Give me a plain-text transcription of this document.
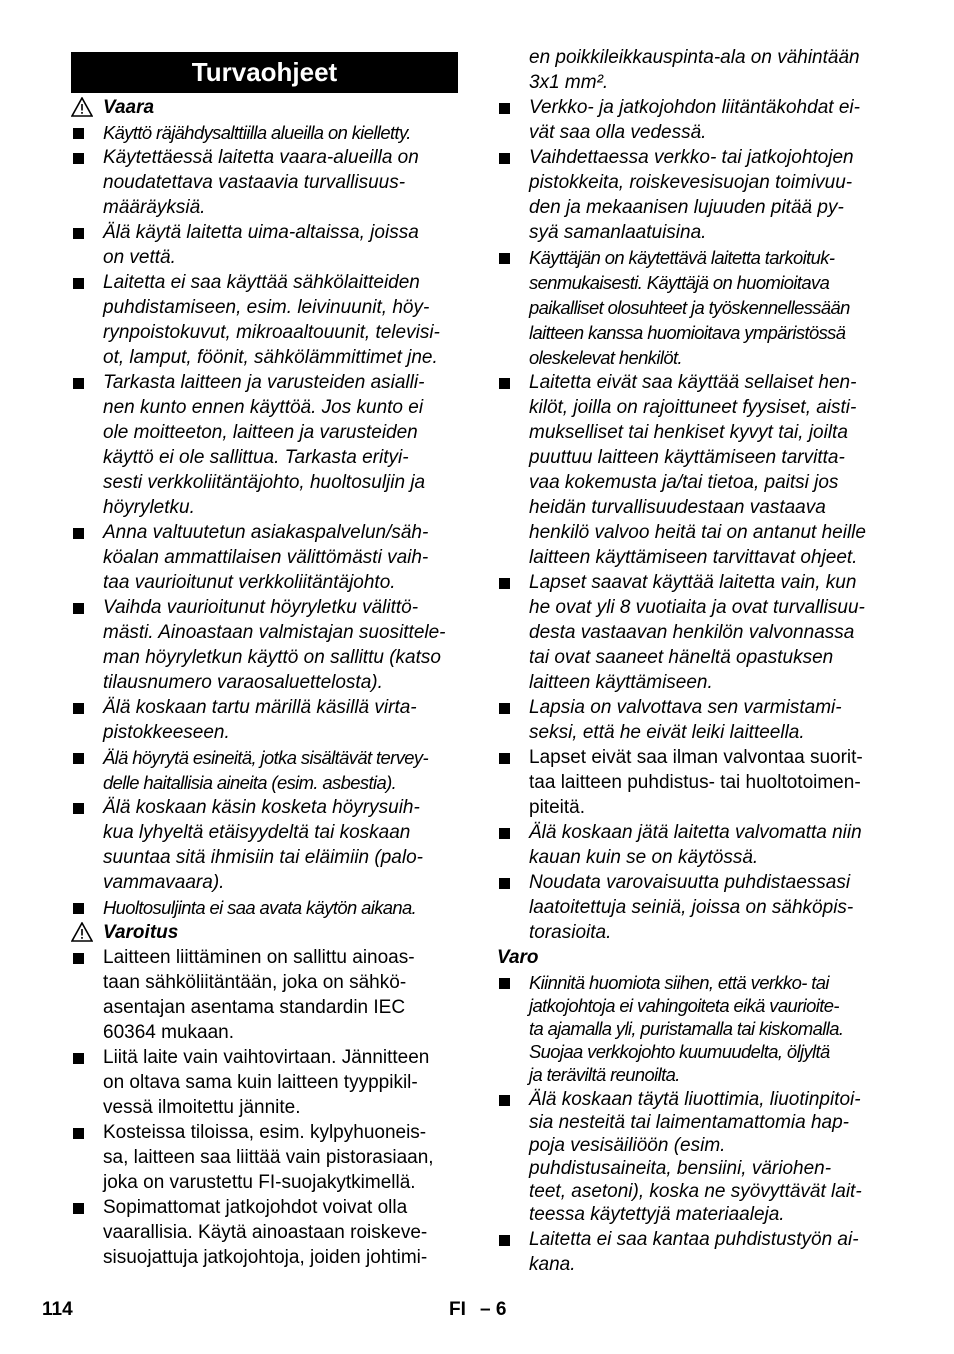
Turvaohjeet
Vaara
Käyttö räjähdysalttiilla alueilla on kielletty.
Käytettäessä laitetta vaara-alueilla on
noudatettava vastaavia turvallisuus-
määräyksiä.
Älä käytä laitetta uima-altaissa, joissa
on vettä.
Laitetta ei saa käyttää sähkölaitteiden
puhdistamiseen, esim. leivinuunit, höy-
rynpoistokuvut, mikroaaltouunit, televisi-
ot, lamput, föönit, sähkölämmittimet jne.
Tarkasta laitteen ja varusteiden asialli-
nen kunto ennen käyttöä. Jos kunto ei
ole moitteeton, laitteen ja varusteiden
käyttö ei ole sallittua. Tarkasta erityi-
sesti verkkoliitäntäjohto, huoltosuljin ja
höyryletku.
Anna valtuutetun asiakaspalvelun/säh-
köalan ammattilaisen välittömästi vaih-
taa vaurioitunut verkkoliitäntäjohto.
Vaihda vaurioitunut höyryletku välittö-
mästi. Ainoastaan valmistajan suosittele-
man höyryletkun käyttö on sallittu (katso
tilausnumero varaosaluettelosta).
Älä koskaan tartu märillä käsillä virta-
pistokkeeseen.
Älä höyrytä esineitä, jotka sisältävät tervey-
delle haitallisia aineita (esim. asbestia).
Älä koskaan käsin kosketa höyrysuih-
kua lyhyeltä etäisyydeltä tai koskaan
suuntaa sitä ihmisiin tai eläimiin (palo-
vammavaara).
Huoltosuljinta ei saa avata käytön aikana.
Varoitus
Laitteen liittäminen on sallittu ainoas-
taan sähköliitäntään, joka on sähkö-
asentajan asentama standardin IEC
60364 mukaan.
Liitä laite vain vaihtovirtaan. Jännitteen
on oltava sama kuin laitteen tyyppikil-
vessä ilmoitettu jännite.
Kosteissa tiloissa, esim. kylpyhuoneis-
sa, laitteen saa liittää vain pistorasiaan,
joka on varustettu FI-suojakytkimellä.
Sopimattomat jatkojohdot voivat olla
vaarallisia. Käytä ainoastaan roiskeve-
sisuojattuja jatkojohtoja, joiden johtimi-
en poikkileikkauspinta-ala on vähintään
3x1 mm².
Verkko- ja jatkojohdon liitäntäkohdat ei-
vät saa olla vedessä.
Vaihdettaessa verkko- tai jatkojohtojen
pistokkeita, roiskevesisuojan toimivuu-
den ja mekaanisen lujuuden pitää py-
syä samanlaatuisina.
Käyttäjän on käytettävä laitetta tarkoituk-
senmukaisesti. Käyttäjä on huomioitava
paikalliset olosuhteet ja työskennellessään
laitteen kanssa huomioitava ympäristössä
oleskelevat henkilöt.
Laitetta eivät saa käyttää sellaiset hen-
kilöt, joilla on rajoittuneet fyysiset, aisti-
mukselliset tai henkiset kyvyt tai, joilta
puuttuu laitteen käyttämiseen tarvitta-
vaa kokemusta ja/tai tietoa, paitsi jos
heidän turvallisuudestaan vastaava
henkilö valvoo heitä tai on antanut heille
laitteen käyttämiseen tarvittavat ohjeet.
Lapset saavat käyttää laitetta vain, kun
he ovat yli 8 vuotiaita ja ovat turvallisuu-
desta vastaavan henkilön valvonnassa
tai ovat saaneet häneltä opastuksen
laitteen käyttämiseen.
Lapsia on valvottava sen varmistami-
seksi, että he eivät leiki laitteella.
Lapset eivät saa ilman valvontaa suorit-
taa laitteen puhdistus- tai huoltotoimen-
piteitä.
Älä koskaan jätä laitetta valvomatta niin
kauan kuin se on käytössä.
Noudata varovaisuutta puhdistaessasi
laatoitettuja seiniä, joissa on sähköpis-
torasioita.
Varo
Kiinnitä huomiota siihen, että verkko- tai
jatkojohtoja ei vahingoiteta eikä vaurioite-
ta ajamalla yli, puristamalla tai kiskomalla.
Suojaa verkkojohto kuumuudelta, öljyltä
ja teräviltä reunoilta.
Älä koskaan täytä liuottimia, liuotinpitoi-
sia nesteitä tai laimentamattomia hap-
poja vesisäiliöön (esim.
puhdistusaineita, bensiini, väriohen-
teet, asetoni), koska ne syövyttävät lait-
teessa käytettyjä materiaaleja.
Laitetta ei saa kantaa puhdistustyön ai-
kana.
114	FI – 6
